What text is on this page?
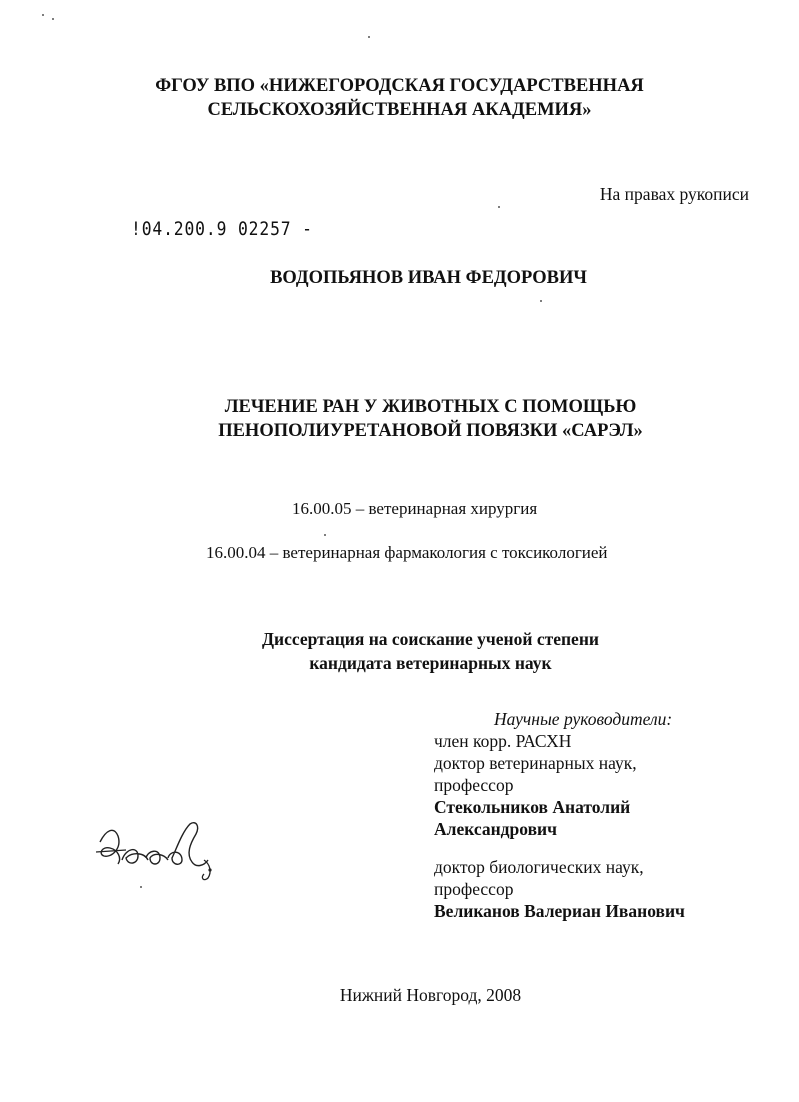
ФГОУ ВПО «НИЖЕГОРОДСКАЯ ГОСУДАРСТВЕННАЯ
СЕЛЬСКОХОЗЯЙСТВЕННАЯ АКАДЕМИЯ»
На правах рукописи
!04.200.9 02257 -
ВОДОПЬЯНОВ ИВАН ФЕДОРОВИЧ
ЛЕЧЕНИЕ РАН У ЖИВОТНЫХ С ПОМОЩЬЮ
ПЕНОПОЛИУРЕТАНОВОЙ ПОВЯЗКИ «САРЭЛ»
16.00.05 – ветеринарная хирургия
16.00.04 – ветеринарная фармакология с токсикологией
Диссертация на соискание ученой степени
кандидата ветеринарных наук
Научные руководители:
член корр. РАСХН
доктор ветеринарных наук,
профессор
Стекольников Анатолий
Александрович
доктор биологических наук,
профессор
Великанов Валериан Иванович
Нижний Новгород, 2008
